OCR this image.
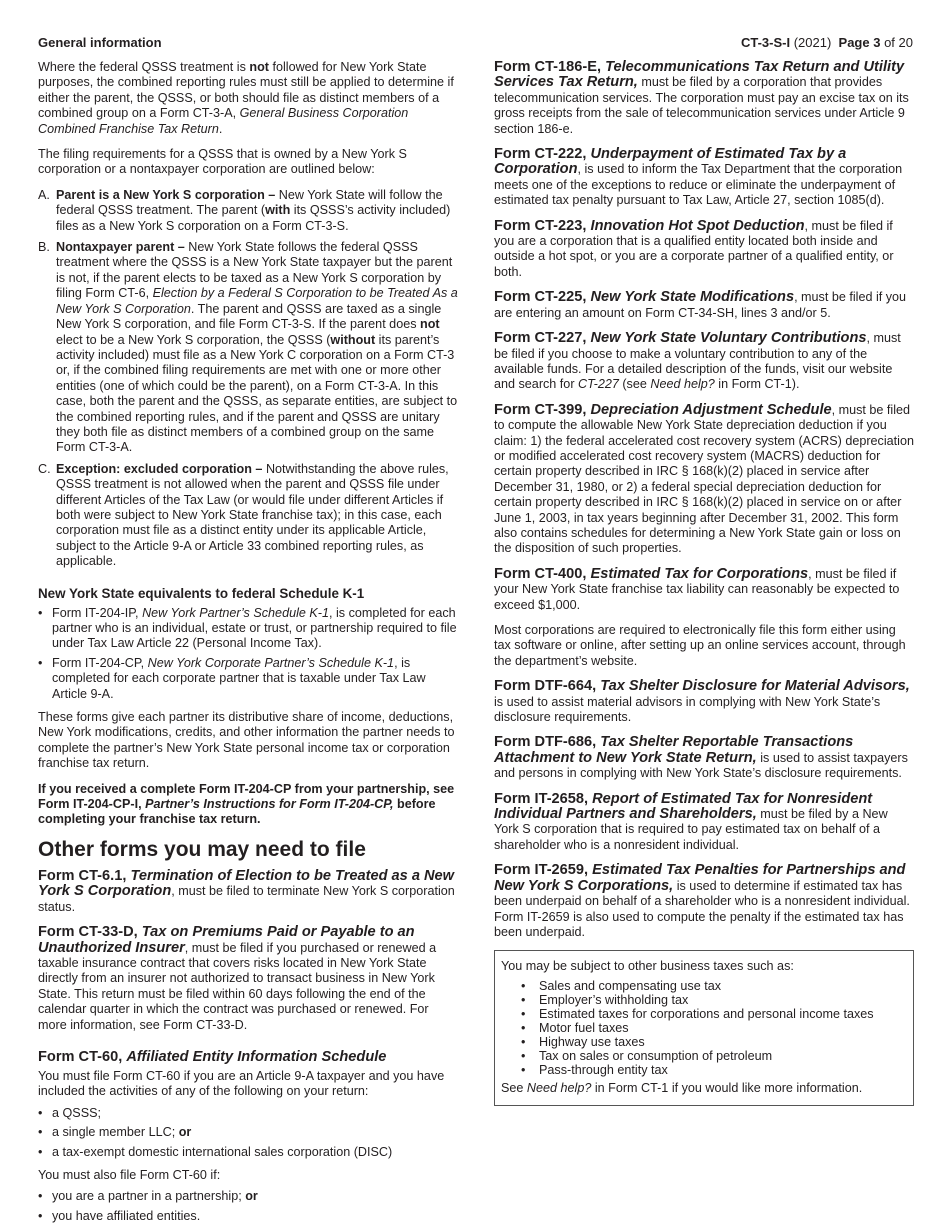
General information	CT-3-S-I (2021) Page 3 of 20

Where the federal QSSS treatment is not followed for New York State purposes, the combined reporting rules must still be applied to determine if either the parent, the QSSS, or both should file as distinct members of a combined group on a Form CT-3-A, General Business Corporation Combined Franchise Tax Return.

The filing requirements for a QSSS that is owned by a New York S corporation or a nontaxpayer corporation are outlined below:

A. Parent is a New York S corporation – New York State will follow the federal QSSS treatment. The parent (with its QSSS’s activity included) files as a New York S corporation on a Form CT-3-S.
B. Nontaxpayer parent – New York State follows the federal QSSS treatment where the QSSS is a New York State taxpayer but the parent is not, if the parent elects to be taxed as a New York S corporation by filing Form CT-6, Election by a Federal S Corporation to be Treated As a New York S Corporation. The parent and QSSS are taxed as a single New York S corporation, and file Form CT-3-S. If the parent does not elect to be a New York S corporation, the QSSS (without its parent’s activity included) must file as a New York C corporation on a Form CT-3 or, if the combined filing requirements are met with one or more other entities (one of which could be the parent), on a Form CT-3-A. In this case, both the parent and the QSSS, as separate entities, are subject to the combined reporting rules, and if the parent and QSSS are unitary they both file as distinct members of a combined group on the same Form CT-3-A.
C. Exception: excluded corporation – Notwithstanding the above rules, QSSS treatment is not allowed when the parent and QSSS file under different Articles of the Tax Law (or would file under different Articles if both were subject to New York State franchise tax); in this case, each corporation must file as a distinct entity under its applicable Article, subject to the Article 9-A or Article 33 combined reporting rules, as applicable.
New York State equivalents to federal Schedule K-1
• Form IT-204-IP, New York Partner’s Schedule K-1, is completed for each partner who is an individual, estate or trust, or partnership required to file under Tax Law Article 22 (Personal Income Tax).
• Form IT-204-CP, New York Corporate Partner’s Schedule K-1, is completed for each corporate partner that is taxable under Tax Law Article 9-A.

These forms give each partner its distributive share of income, deductions, New York modifications, credits, and other information the partner needs to complete the partner’s New York State personal income tax or corporation franchise tax return.

If you received a complete Form IT-204-CP from your partnership, see Form IT-204-CP-I, Partner’s Instructions for Form IT-204-CP, before completing your franchise tax return.

Other forms you may need to file

Form CT-6.1, Termination of Election to be Treated as a New York S Corporation, must be filed to terminate New York S corporation status.

Form CT-33-D, Tax on Premiums Paid or Payable to an Unauthorized Insurer, must be filed if you purchased or renewed a taxable insurance contract that covers risks located in New York State directly from an insurer not authorized to transact business in New York State. This return must be filed within 60 days following the end of the calendar quarter in which the contract was purchased or renewed. For more information, see Form CT-33-D.

Form CT-60, Affiliated Entity Information Schedule

You must file Form CT-60 if you are an Article 9-A taxpayer and you have included the activities of any of the following on your return:

• a QSSS;
• a single member LLC; or
• a tax-exempt domestic international sales corporation (DISC)

You must also file Form CT-60 if:

• you are a partner in a partnership; or
• you have affiliated entities.

Form CT-186-E, Telecommunications Tax Return and Utility Services Tax Return, must be filed by a corporation that provides telecommunication services. The corporation must pay an excise tax on its gross receipts from the sale of telecommunication services under Article 9 section 186-e.

Form CT-222, Underpayment of Estimated Tax by a Corporation, is used to inform the Tax Department that the corporation meets one of the exceptions to reduce or eliminate the underpayment of estimated tax penalty pursuant to Tax Law, Article 27, section 1085(d).

Form CT-223, Innovation Hot Spot Deduction, must be filed if you are a corporation that is a qualified entity located both inside and outside a hot spot, or you are a corporate partner of a qualified entity, or both.

Form CT-225, New York State Modifications, must be filed if you are entering an amount on Form CT-34-SH, lines 3 and/or 5.

Form CT-227, New York State Voluntary Contributions, must be filed if you choose to make a voluntary contribution to any of the available funds. For a detailed description of the funds, visit our website and search for CT-227 (see Need help? in Form CT-1).

Form CT-399, Depreciation Adjustment Schedule, must be filed to compute the allowable New York State depreciation deduction if you claim: 1) the federal accelerated cost recovery system (ACRS) depreciation or modified accelerated cost recovery system (MACRS) deduction for certain property described in IRC § 168(k)(2) placed in service after December 31, 1980, or 2) a federal special depreciation deduction for certain property described in IRC § 168(k)(2) placed in service on or after June 1, 2003, in tax years beginning after December 31, 2002. This form also contains schedules for determining a New York State gain or loss on the disposition of such properties.

Form CT-400, Estimated Tax for Corporations, must be filed if your New York State franchise tax liability can reasonably be expected to exceed $1,000.

Most corporations are required to electronically file this form either using tax software or online, after setting up an online services account, through the department’s website.

Form DTF-664, Tax Shelter Disclosure for Material Advisors, is used to assist material advisors in complying with New York State’s disclosure requirements.

Form DTF-686, Tax Shelter Reportable Transactions Attachment to New York State Return, is used to assist taxpayers and persons in complying with New York State’s disclosure requirements.

Form IT-2658, Report of Estimated Tax for Nonresident Individual Partners and Shareholders, must be filed by a New York S corporation that is required to pay estimated tax on behalf of a shareholder who is a nonresident individual.

Form IT-2659, Estimated Tax Penalties for Partnerships and New York S Corporations, is used to determine if estimated tax has been underpaid on behalf of a shareholder who is a nonresident individual. Form IT-2659 is also used to compute the penalty if the estimated tax has been underpaid.

You may be subject to other business taxes such as:

• Sales and compensating use tax
• Employer’s withholding tax
• Estimated taxes for corporations and personal income taxes
• Motor fuel taxes
• Highway use taxes
• Tax on sales or consumption of petroleum
• Pass-through entity tax

See Need help? in Form CT-1 if you would like more information.
